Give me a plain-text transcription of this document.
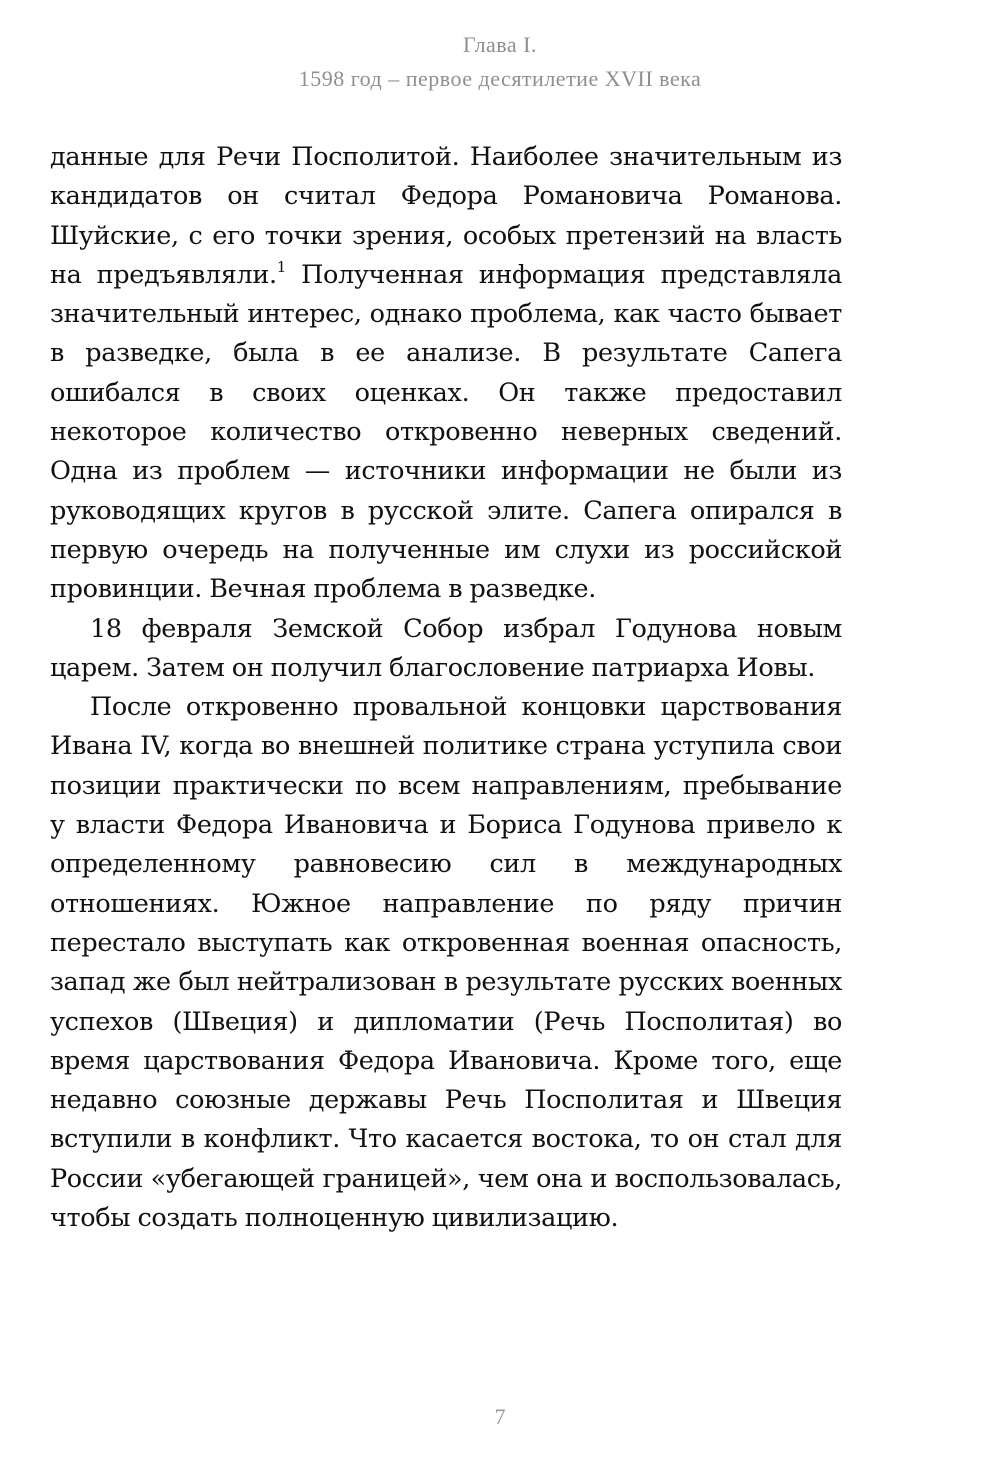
Глава I.
1598 год – первое десятилетие XVII века

данные для Речи Посполитой. Наиболее значительным из кандидатов он считал Федора Романовича Романова. Шуйские, с его точки зрения, особых претензий на власть на предъявляли.$^1$ Полученная информация представляла значительный интерес, однако проблема, как часто бывает в разведке, была в ее анализе. В результате Сапега ошибался в своих оценках. Он также предоставил некоторое количество откровенно неверных сведений. Одна из проблем — источники информации не были из руководящих кругов в русской элите. Сапега опирался в первую очередь на полученные им слухи из российской провинции. Вечная проблема в разведке.

18 февраля Земской Собор избрал Годунова новым царем. Затем он получил благословение патриарха Иовы.

После откровенно провальной концовки царствования Ивана IV, когда во внешней политике страна уступила свои позиции практически по всем направлениям, пребывание у власти Федора Ивановича и Бориса Годунова привело к определенному равновесию сил в международных отношениях. Южное направление по ряду причин перестало выступать как откровенная военная опасность, запад же был нейтрализован в результате русских военных успехов (Швеция) и дипломатии (Речь Посполитая) во время царствования Федора Ивановича. Кроме того, еще недавно союзные державы Речь Посполитая и Швеция вступили в конфликт. Что касается востока, то он стал для России «убегающей границей», чем она и воспользовалась, чтобы создать полноценную цивилизацию.

7
